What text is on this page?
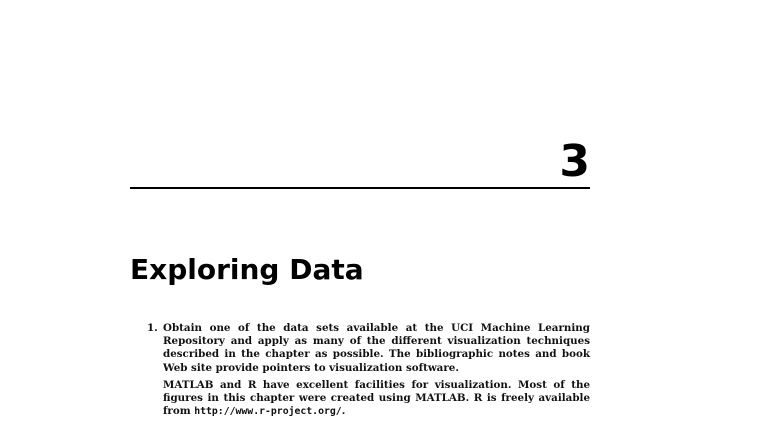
3
Exploring Data
1. Obtain one of the data sets available at the UCI Machine Learning Repository and apply as many of the different visualization techniques described in the chapter as possible. The bibliographic notes and book Web site provide pointers to visualization software.

MATLAB and R have excellent facilities for visualization. Most of the figures in this chapter were created using MATLAB. R is freely available from http://www.r-project.org/.
